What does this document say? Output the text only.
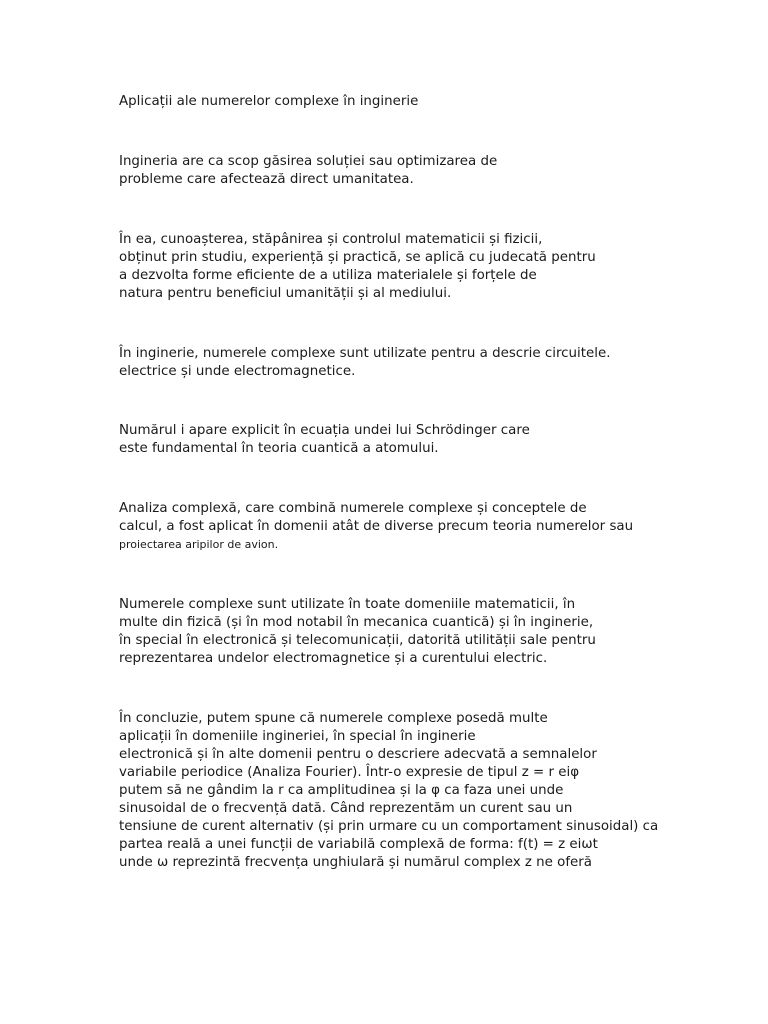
Aplicații ale numerelor complexe în inginerie
Ingineria are ca scop găsirea soluției sau optimizarea de
probleme care afectează direct umanitatea.
În ea, cunoașterea, stăpânirea și controlul matematicii și fizicii,
obținut prin studiu, experiență și practică, se aplică cu judecată pentru
a dezvolta forme eficiente de a utiliza materialele și forțele de
natura pentru beneficiul umanității și al mediului.
În inginerie, numerele complexe sunt utilizate pentru a descrie circuitele.
electrice și unde electromagnetice.
Numărul i apare explicit în ecuația undei lui Schrödinger care
este fundamental în teoria cuantică a atomului.
Analiza complexă, care combină numerele complexe și conceptele de
calcul, a fost aplicat în domenii atât de diverse precum teoria numerelor sau
proiectarea aripilor de avion.
Numerele complexe sunt utilizate în toate domeniile matematicii, în
multe din fizică (și în mod notabil în mecanica cuantică) și în inginerie,
în special în electronică și telecomunicații, datorită utilității sale pentru
reprezentarea undelor electromagnetice și a curentului electric.
În concluzie, putem spune că numerele complexe posedă multe
aplicații în domeniile ingineriei, în special în inginerie
electronică și în alte domenii pentru o descriere adecvată a semnalelor
variabile periodice (Analiza Fourier). Într-o expresie de tipul z = r eiφ
putem să ne gândim la r ca amplitudinea și la φ ca faza unei unde
sinusoidal de o frecvență dată. Când reprezentăm un curent sau un
tensiune de curent alternativ (și prin urmare cu un comportament sinusoidal) ca
partea reală a unei funcții de variabilă complexă de forma: f(t) = z eiωt
unde ω reprezintă frecvența unghiulară și numărul complex z ne oferă
